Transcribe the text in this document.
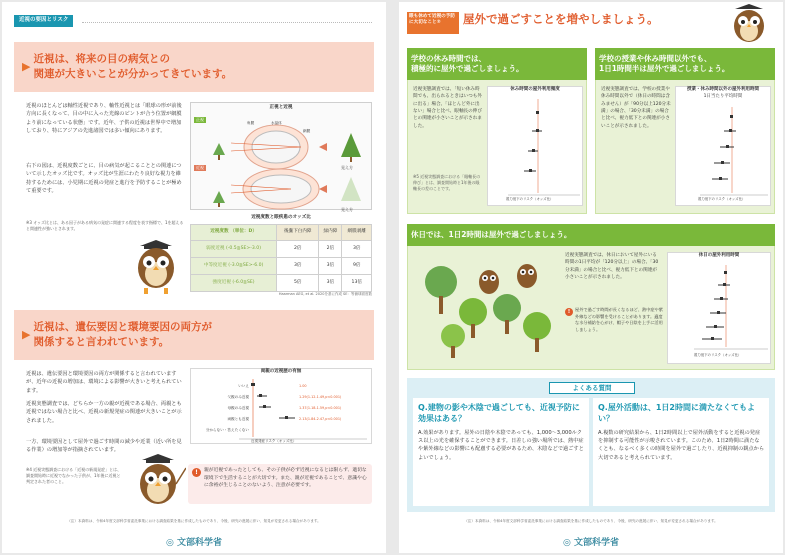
近視の要因とリスク
▶
近視は、将来の目の病気との
関連が大きいことが分かってきています。
近視のほとんどは軸性近視であり、軸性近視とは「眼球の形が前後方向に長くなって、目の中に入った光線のピントが合う位置が網膜より前になっている状態」です。近年、子供の近視は世界中で増加しており、特にアジアの先進諸国では多い傾向にあります。
右下の図は、近視度数ごとに、目の病気が起こることとの関連について示したオッズ比です。オッズ比が生涯にわたり良好な視力を維持するためには、小児期に近視の発症と進行を予防することが極めて重要です。
※3 オッズ比とは、ある因子がある病気の発症に関連する程度を表す指標で、1を超えると関連性が強いとされます。
正視と近視
正視
近視	見え方
見え方
角膜	水晶体
網膜
近視度数と眼疾患のオッズ比
近視度数 （単位：D）	後嚢下白内障	緑内障	網膜剥離
弱度近視 (-0.5≧SE>-3.0)	2倍	2倍	3倍
中等度近視 (-3.0≧SE>-6.0)	3倍	3倍	9倍
強度近視 (-6.0≧SE)	5倍	3倍	13倍
Haarman AEG, et al. 2020を基に作成 SE：等価球面度数
▶
近視は、遺伝要因と環境要因の両方が
関係すると言われています。
近視は、遺伝要因と環境要因の両方が関係すると言われていますが、近年の近視の増加は、環境による影響が大きいと考えられています。
近視実態調査では、どちらか一方の親が近視である場合、両親とも近視ではない場合と比べ、近視の新規発症の関連が大きいことが示されました。
一方、環境要因として屋外で過ごす時間の減少や近業（近い所を見る作業）の増加等が指摘されています。
※4 近視実態調査における「近視の新規発症」とは、調査開始時に近視でなかった子供が、1年後に近視と判定された者のこと。
両親の近視歴の有無
いいえ
父親のみ近視
母親のみ近視
両親とも近視
分からない・答えたくない
1.00
1.29(1.12-1.49,p<0.001)
1.37(1.18-1.59,p<0.001)
2.13(1.84-2.47,p<0.001)
近視発症リスク（オッズ比）
!	親が近視であったとしても、その子供が必ず近視になるとは限らず、適切な環境下で生活することが大切です。また、親が近視であることで、意識や心に余裕が生じることのないよう、注意が必要です。
（注）本資料は、令和4年度文部科学省委託事業における調査結果を基に作成したものであり、今後、研究の進展に伴い、知見が変更される場合があります。
◎ 文部科学省
眼も休めて近視の予防に大切なこと②	屋外で過ごすことを増やしましょう。
学校の休み時間では、
積極的に屋外で過ごしましょう。
近視実態調査では、「短い休み時間でも、出られるときはいつも外に出る」場合、「ほとんど外に出ない」場合と比べ、眼軸長の伸びとの関連が小さいことが示されました。
※5 近視実態調査における「眼軸長の伸び」とは、調査開始時と1年後の眼軸長の差のことです。
休み時間の屋外利用頻度
視力低下のリスク（オッズ比）
学校の授業や休み時間以外でも、
1日1時間半は屋外で過ごしましょう。
近視実態調査では、学校の授業や休み時間以外で（休日の時間は含みません）が「90分以上120分未満」の場合、「30分未満」の場合と比べ、視力低下との関連が小さいことが示されました。
授業・休み時間以外の屋外利用時間
1日当たり平均時間
視力低下のリスク（オッズ比）
休日では、1日2時間は屋外で過ごしましょう。
近視実態調査では、休日において屋外にいる時間の1日平均が「120分以上」の場合、「30分未満」の場合と比べ、視力低下との関連が小さいことが示されました。
!	屋外で過ごす時間が長くなるほど、熱中症や紫外線などの影響を受けることがあります。適度な水分補給を心がけ、帽子や日陰を上手に活用しましょう。
休日の屋外利用時間
視力低下のリスク（オッズ比）
よくある質問
Q.建物の影や木陰で過ごしても、近視予防に効果はある？
A.効果があります。屋外の日陰や木陰であっても、1,000〜3,000ルクス以上の光を確保することができます。日差しの強い場所では、熱中症や紫外線などの影響にも配慮する必要があるため、木陰などで過ごすとよいでしょう。
Q.屋外活動は、1日2時間に満たなくてもよい？
A.複数の研究結果から、1日2時間以上で屋外活動をすると近視の発症を抑制する可能性が示唆されています。このため、1日2時間に満たなくとも、なるべく多くの時間を屋外で過ごしたり、近視抑制の観点から大切であると考えられています。
（注）本資料は、令和4年度文部科学省委託事業における調査結果を基に作成したものであり、今後、研究の進展に伴い、知見が変更される場合があります。
◎ 文部科学省
